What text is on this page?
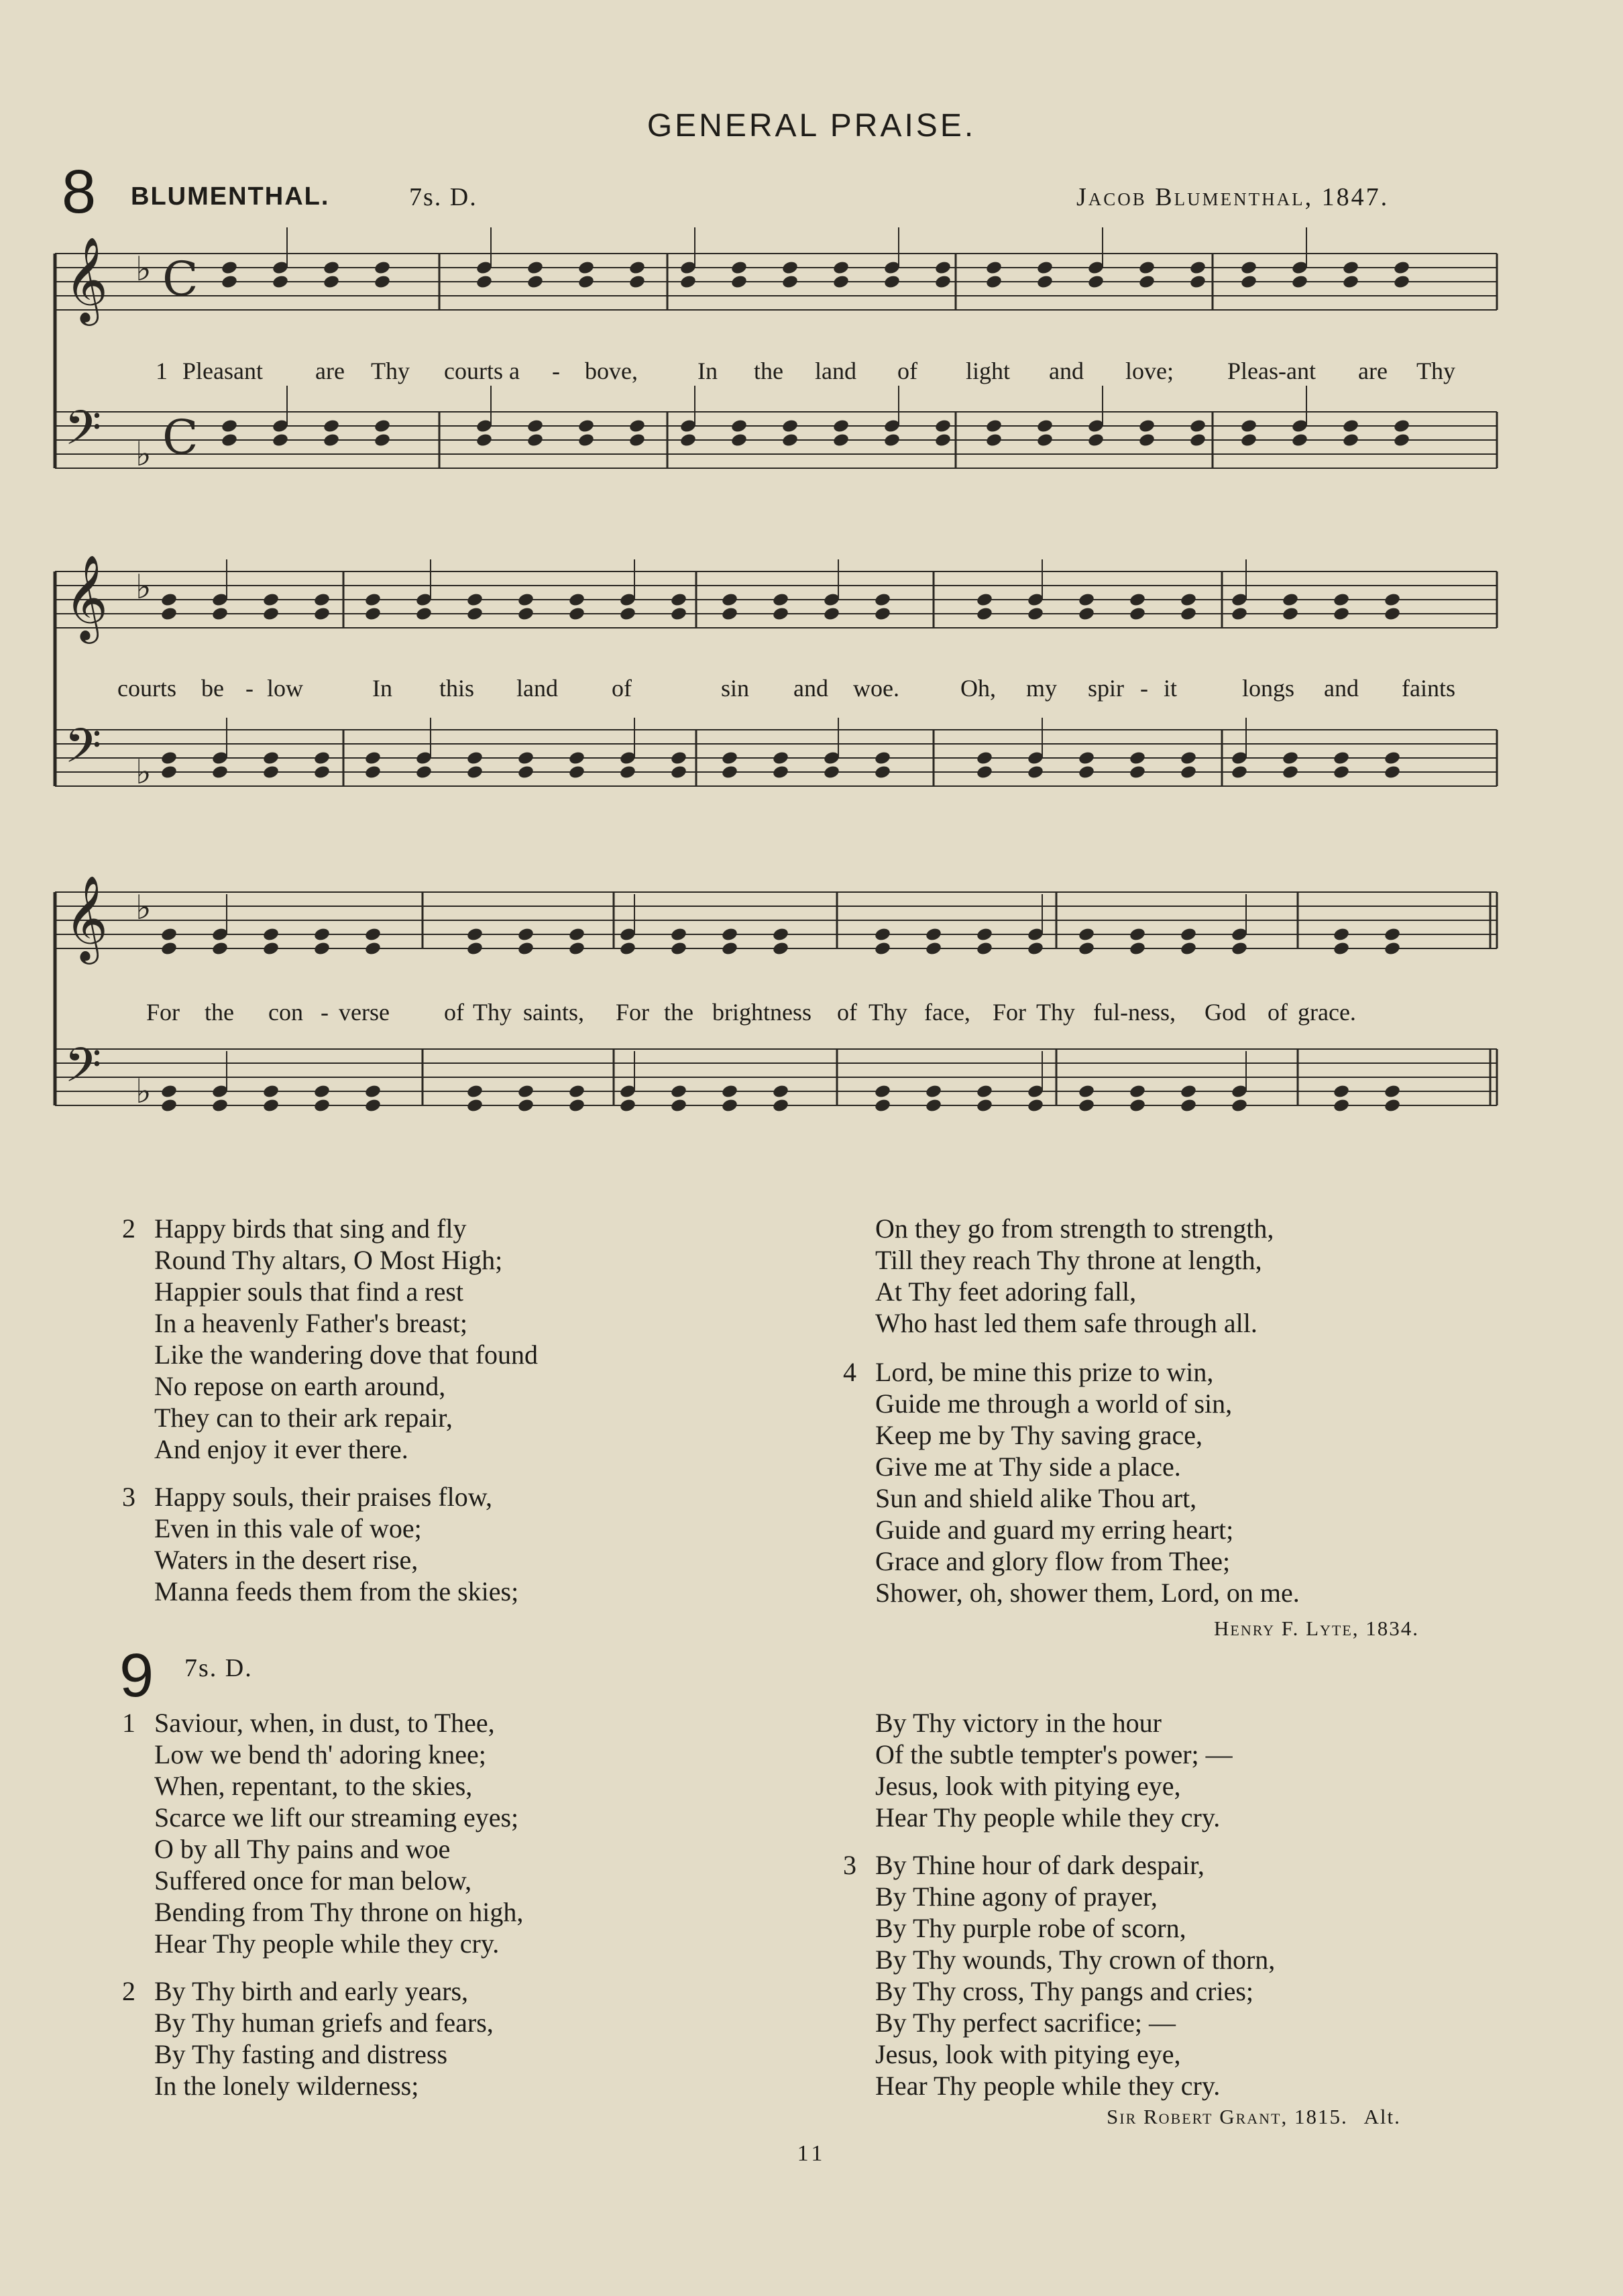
GENERAL PRAISE.
8 BLUMENTHAL.	7s. D.	Jacob Blumenthal, 1847.
𝄞 ♭ C
𝄢 ♭ C
𝄞 ♭
𝄢 ♭
𝄞 ♭
𝄢 ♭
1 Pleasant are Thy courts a - bove, In the land of light and love; Pleas-ant are Thy
courts be - low	In this land of	sin and woe.	Oh, my spir - it	longs and faints
For the con - verse of Thy saints, For the brightness of Thy face, For Thy ful-ness, God of grace.
2 Happy birds that sing and fly
Round Thy altars, O Most High;
Happier souls that find a rest
In a heavenly Father's breast;
Like the wandering dove that found
No repose on earth around,
They can to their ark repair,
And enjoy it ever there.
3 Happy souls, their praises flow,
Even in this vale of woe;
Waters in the desert rise,
Manna feeds them from the skies;
On they go from strength to strength,
Till they reach Thy throne at length,
At Thy feet adoring fall,
Who hast led them safe through all.
4 Lord, be mine this prize to win,
Guide me through a world of sin,
Keep me by Thy saving grace,
Give me at Thy side a place.
Sun and shield alike Thou art,
Guide and guard my erring heart;
Grace and glory flow from Thee;
Shower, oh, shower them, Lord, on me.
Henry F. Lyte, 1834.
9 7s. D.
1 Saviour, when, in dust, to Thee,
Low we bend th' adoring knee;
When, repentant, to the skies,
Scarce we lift our streaming eyes;
O by all Thy pains and woe
Suffered once for man below,
Bending from Thy throne on high,
Hear Thy people while they cry.
2 By Thy birth and early years,
By Thy human griefs and fears,
By Thy fasting and distress
In the lonely wilderness;
By Thy victory in the hour
Of the subtle tempter's power; —
Jesus, look with pitying eye,
Hear Thy people while they cry.
3 By Thine hour of dark despair,
By Thine agony of prayer,
By Thy purple robe of scorn,
By Thy wounds, Thy crown of thorn,
By Thy cross, Thy pangs and cries;
By Thy perfect sacrifice; —
Jesus, look with pitying eye,
Hear Thy people while they cry.
Sir Robert Grant, 1815. Alt.
11
